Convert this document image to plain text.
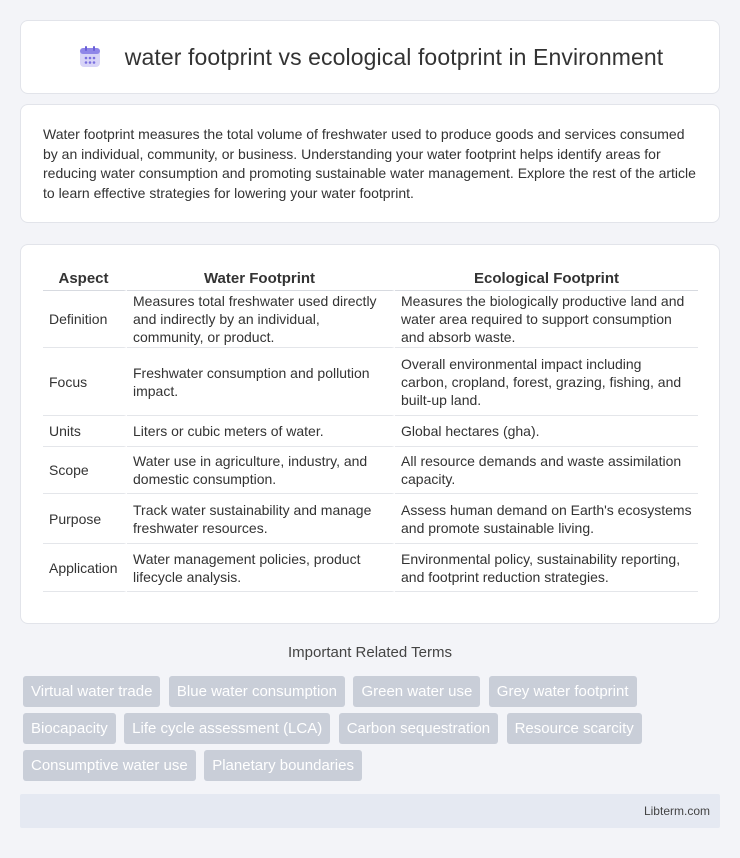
water footprint vs ecological footprint in Environment

Water footprint measures the total volume of freshwater used to produce goods and services consumed by an individual, community, or business. Understanding your water footprint helps identify areas for reducing water consumption and promoting sustainable water management. Explore the rest of the article to learn effective strategies for lowering your water footprint.

Aspect	Water Footprint	Ecological Footprint
Definition	Measures total freshwater used directly and indirectly by an individual, community, or product.	Measures the biologically productive land and water area required to support consumption and absorb waste.
Focus	Freshwater consumption and pollution impact.	Overall environmental impact including carbon, cropland, forest, grazing, fishing, and built-up land.
Units	Liters or cubic meters of water.	Global hectares (gha).
Scope	Water use in agriculture, industry, and domestic consumption.	All resource demands and waste assimilation capacity.
Purpose	Track water sustainability and manage freshwater resources.	Assess human demand on Earth's ecosystems and promote sustainable living.
Application	Water management policies, product lifecycle analysis.	Environmental policy, sustainability reporting, and footprint reduction strategies.
Important Related Terms
Virtual water trade Blue water consumption Green water use Grey water footprint Biocapacity Life cycle assessment (LCA) Carbon sequestration Resource scarcity Consumptive water use Planetary boundaries
Libterm.com
